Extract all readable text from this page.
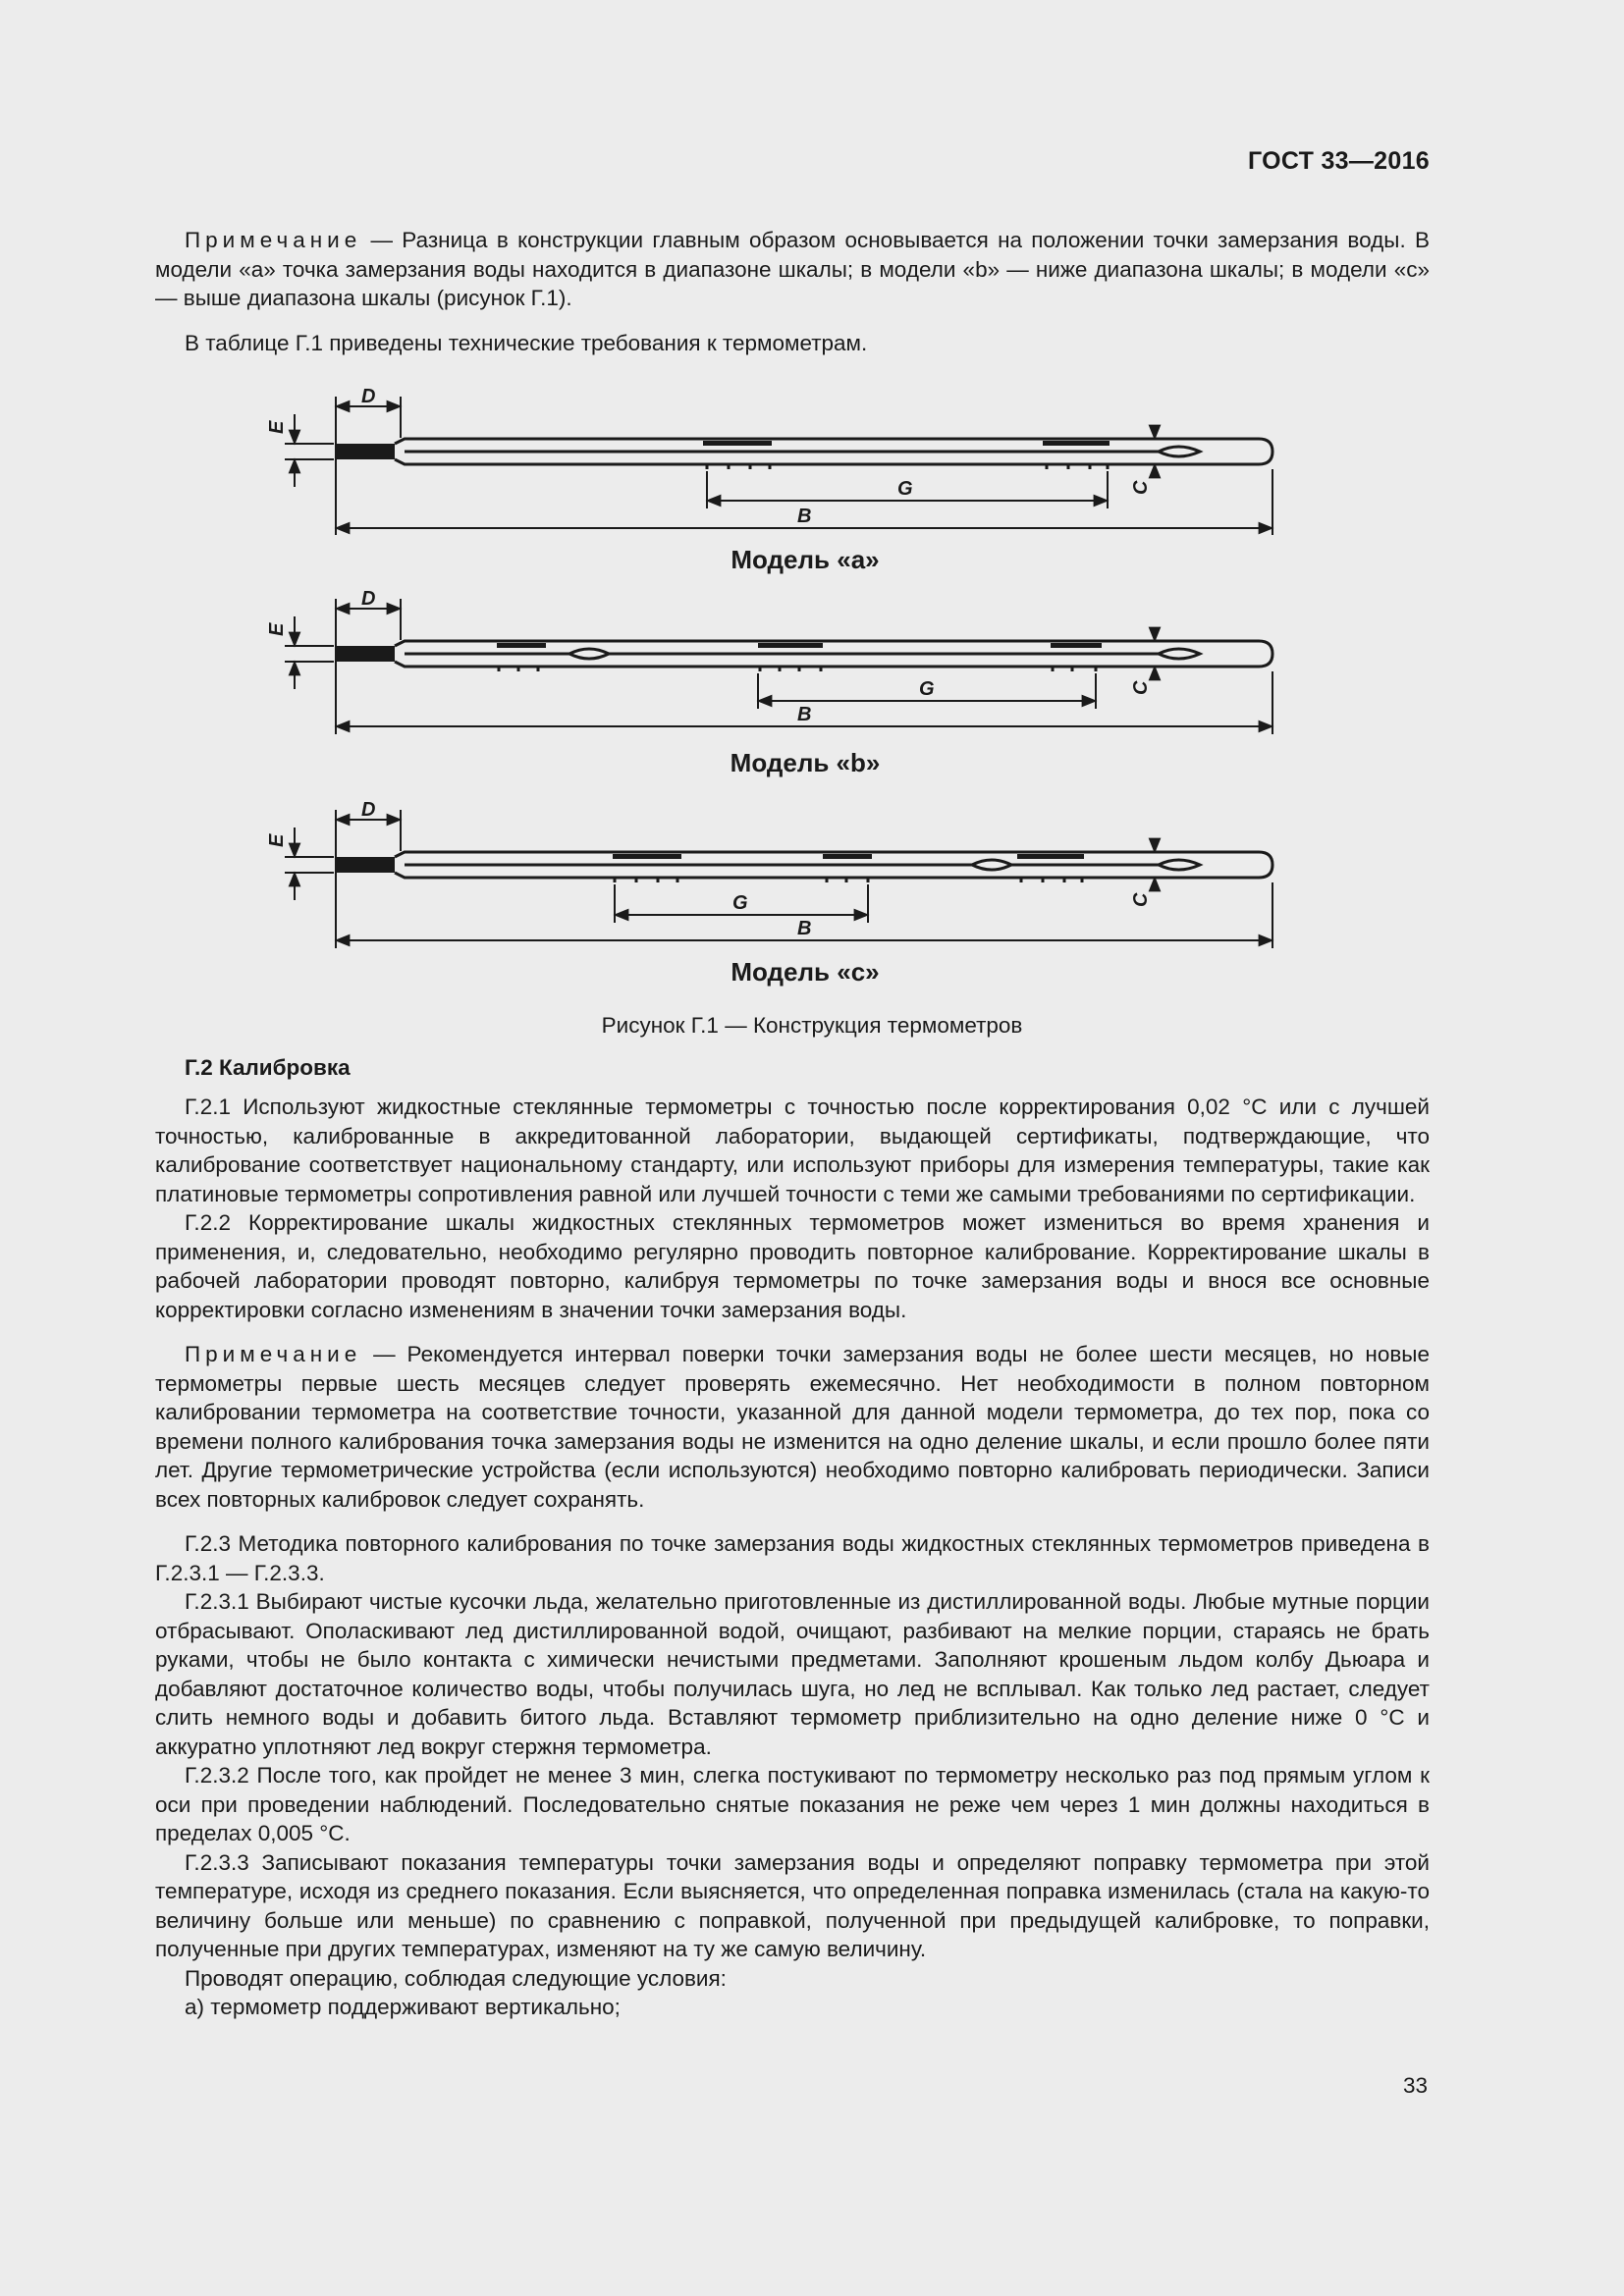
ГОСТ 33—2016

Примечание — Разница в конструкции главным образом основывается на положении точки замерзания воды. В модели «a» точка замерзания воды находится в диапазоне шкалы; в модели «b» — ниже диапазона шкалы; в модели «c» — выше диапазона шкалы (рисунок Г.1).

В таблице Г.1 приведены технические требования к термометрам.

D
E
G
B
C
D
E
G
B
C
D
E
G
B
C
Модель «a»
Модель «b»
Модель «c»
Рисунок Г.1 — Конструкция термометров
Г.2 Калибровка

Г.2.1 Используют жидкостные стеклянные термометры с точностью после корректирования 0,02 °С или с лучшей точностью, калиброванные в аккредитованной лаборатории, выдающей сертификаты, подтверждающие, что калибрование соответствует национальному стандарту, или используют приборы для измерения температуры, такие как платиновые термометры сопротивления равной или лучшей точности с теми же самыми требованиями по сертификации.

Г.2.2 Корректирование шкалы жидкостных стеклянных термометров может измениться во время хранения и применения, и, следовательно, необходимо регулярно проводить повторное калибрование. Корректирование шкалы в рабочей лаборатории проводят повторно, калибруя термометры по точке замерзания воды и внося все основные корректировки согласно изменениям в значении точки замерзания воды.

Примечание — Рекомендуется интервал поверки точки замерзания воды не более шести месяцев, но новые термометры первые шесть месяцев следует проверять ежемесячно. Нет необходимости в полном повторном калибровании термометра на соответствие точности, указанной для данной модели термометра, до тех пор, пока со времени полного калибрования точка замерзания воды не изменится на одно деление шкалы, и если прошло более пяти лет. Другие термометрические устройства (если используются) необходимо повторно калибровать периодически. Записи всех повторных калибровок следует сохранять.

Г.2.3 Методика повторного калибрования по точке замерзания воды жидкостных стеклянных термометров приведена в Г.2.3.1 — Г.2.3.3.

Г.2.3.1 Выбирают чистые кусочки льда, желательно приготовленные из дистиллированной воды. Любые мутные порции отбрасывают. Ополаскивают лед дистиллированной водой, очищают, разбивают на мелкие порции, стараясь не брать руками, чтобы не было контакта с химически нечистыми предметами. Заполняют крошеным льдом колбу Дьюара и добавляют достаточное количество воды, чтобы получилась шуга, но лед не всплывал. Как только лед растает, следует слить немного воды и добавить битого льда. Вставляют термометр приблизительно на одно деление ниже 0 °С и аккуратно уплотняют лед вокруг стержня термометра.

Г.2.3.2 После того, как пройдет не менее 3 мин, слегка постукивают по термометру несколько раз под прямым углом к оси при проведении наблюдений. Последовательно снятые показания не реже чем через 1 мин должны находиться в пределах 0,005 °С.

Г.2.3.3 Записывают показания температуры точки замерзания воды и определяют поправку термометра при этой температуре, исходя из среднего показания. Если выясняется, что определенная поправка изменилась (стала на какую-то величину больше или меньше) по сравнению с поправкой, полученной при предыдущей калибровке, то поправки, полученные при других температурах, изменяют на ту же самую величину.

Проводят операцию, соблюдая следующие условия:

а) термометр поддерживают вертикально;

33
